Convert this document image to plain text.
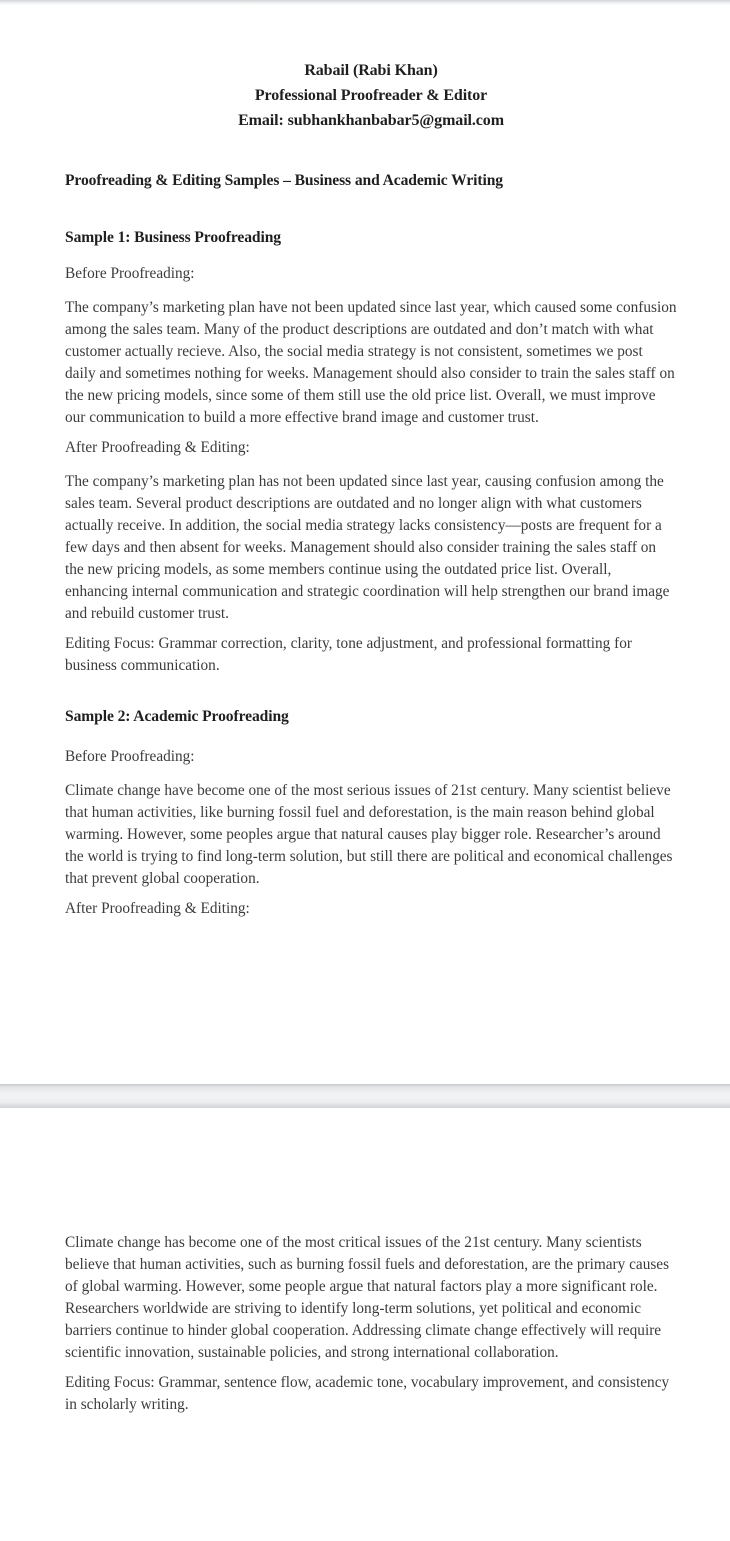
Rabail (Rabi Khan)
Professional Proofreader & Editor
Email: subhankhanbabar5@gmail.com
Proofreading & Editing Samples – Business and Academic Writing
Sample 1: Business Proofreading
Before Proofreading:
The company’s marketing plan have not been updated since last year, which caused some confusion among the sales team. Many of the product descriptions are outdated and don’t match with what customer actually recieve. Also, the social media strategy is not consistent, sometimes we post daily and sometimes nothing for weeks. Management should also consider to train the sales staff on the new pricing models, since some of them still use the old price list. Overall, we must improve our communication to build a more effective brand image and customer trust.
After Proofreading & Editing:
The company’s marketing plan has not been updated since last year, causing confusion among the sales team. Several product descriptions are outdated and no longer align with what customers actually receive. In addition, the social media strategy lacks consistency—posts are frequent for a few days and then absent for weeks. Management should also consider training the sales staff on the new pricing models, as some members continue using the outdated price list. Overall, enhancing internal communication and strategic coordination will help strengthen our brand image and rebuild customer trust.
Editing Focus: Grammar correction, clarity, tone adjustment, and professional formatting for business communication.
Sample 2: Academic Proofreading
Before Proofreading:
Climate change have become one of the most serious issues of 21st century. Many scientist believe that human activities, like burning fossil fuel and deforestation, is the main reason behind global warming. However, some peoples argue that natural causes play bigger role. Researcher’s around the world is trying to find long-term solution, but still there are political and economical challenges that prevent global cooperation.
After Proofreading & Editing:
Climate change has become one of the most critical issues of the 21st century. Many scientists believe that human activities, such as burning fossil fuels and deforestation, are the primary causes of global warming. However, some people argue that natural factors play a more significant role. Researchers worldwide are striving to identify long-term solutions, yet political and economic barriers continue to hinder global cooperation. Addressing climate change effectively will require scientific innovation, sustainable policies, and strong international collaboration.
Editing Focus: Grammar, sentence flow, academic tone, vocabulary improvement, and consistency in scholarly writing.
